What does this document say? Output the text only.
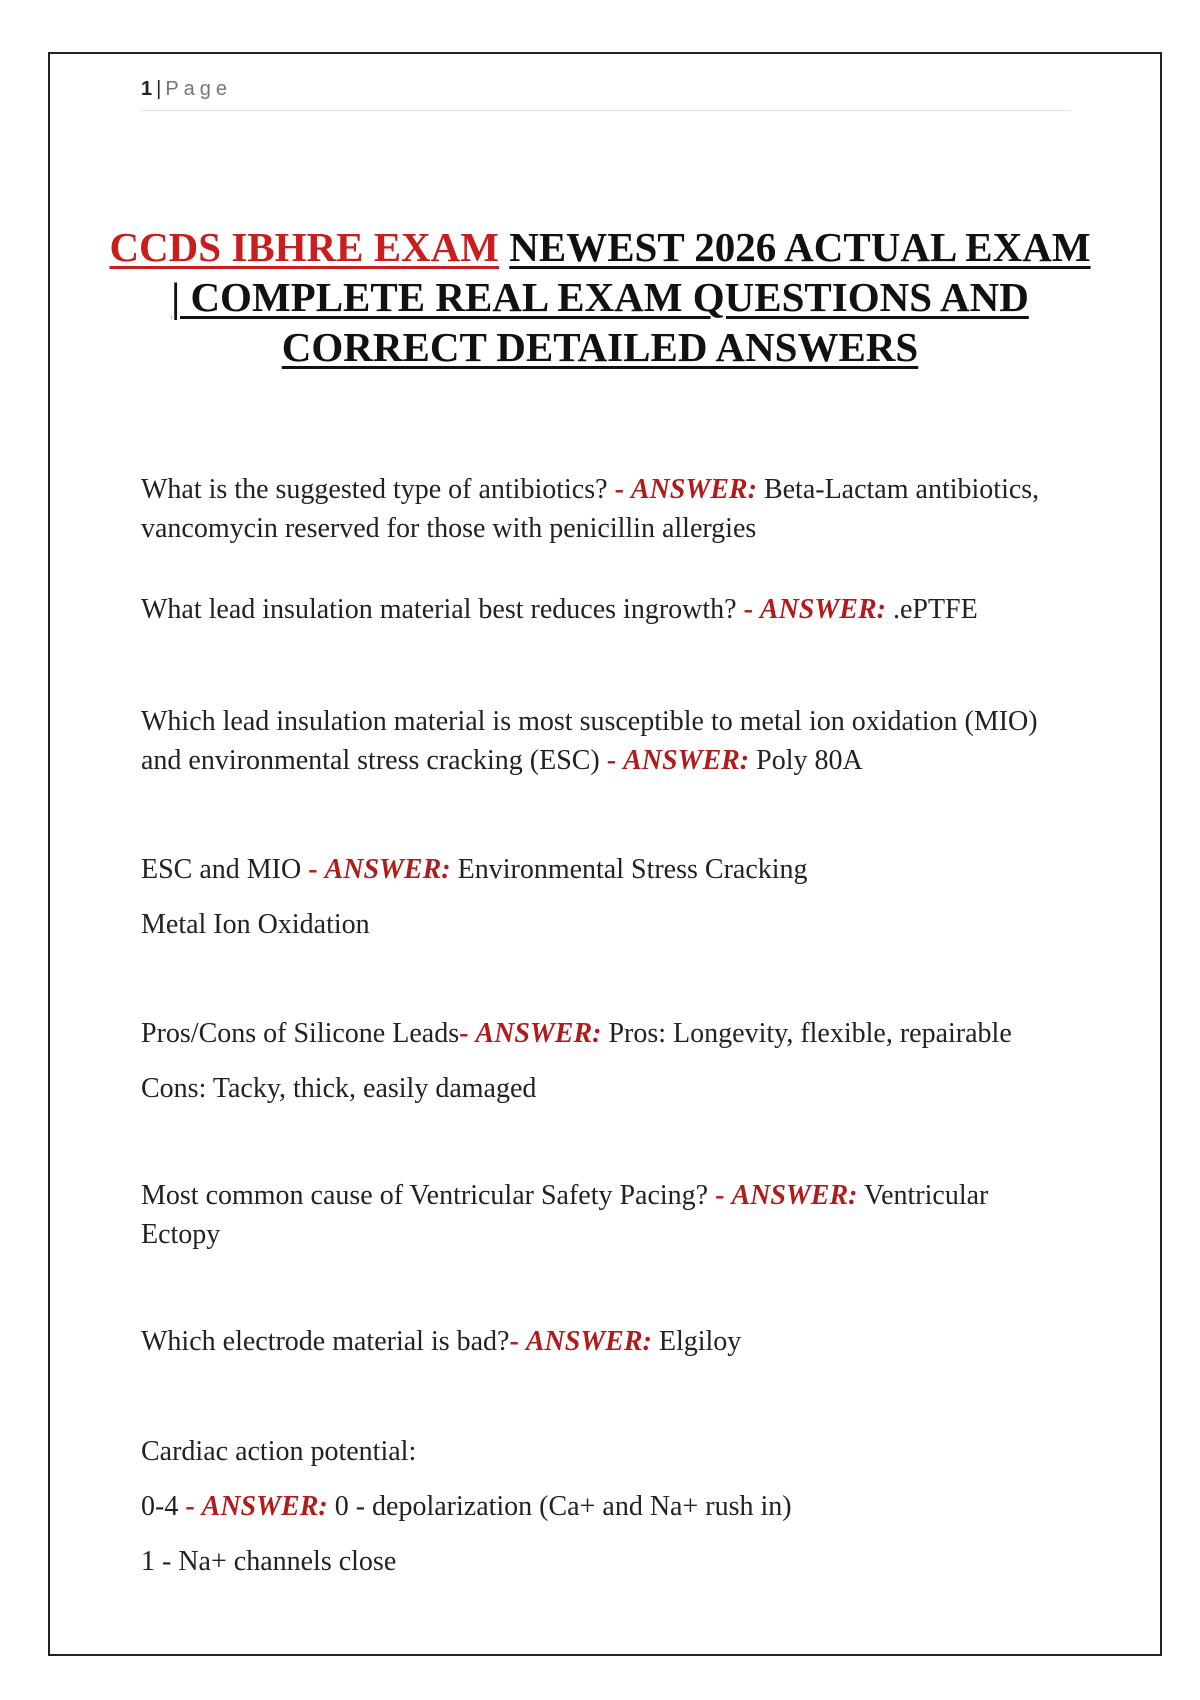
1 | Page
CCDS IBHRE EXAM NEWEST 2026 ACTUAL EXAM
| COMPLETE REAL EXAM QUESTIONS AND
CORRECT DETAILED ANSWERS

What is the suggested type of antibiotics? - ANSWER: Beta-Lactam antibiotics, vancomycin reserved for those with penicillin allergies

What lead insulation material best reduces ingrowth? - ANSWER: .ePTFE

Which lead insulation material is most susceptible to metal ion oxidation (MIO) and environmental stress cracking (ESC) - ANSWER: Poly 80A

ESC and MIO - ANSWER: Environmental Stress Cracking

Metal Ion Oxidation

Pros/Cons of Silicone Leads- ANSWER: Pros: Longevity, flexible, repairable

Cons: Tacky, thick, easily damaged

Most common cause of Ventricular Safety Pacing? - ANSWER: Ventricular Ectopy

Which electrode material is bad?- ANSWER: Elgiloy

Cardiac action potential:

0-4 - ANSWER: 0 - depolarization (Ca+ and Na+ rush in)

1 - Na+ channels close
